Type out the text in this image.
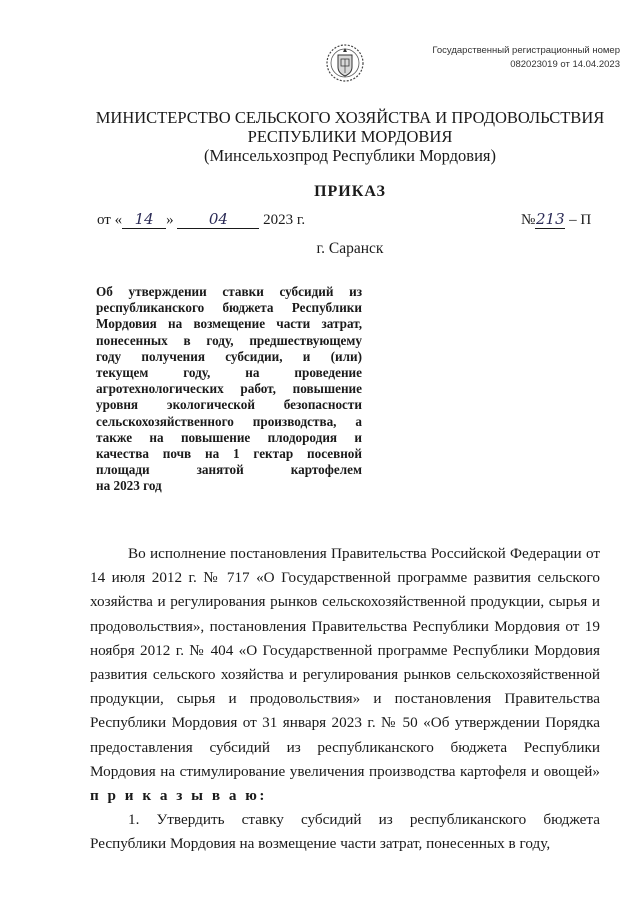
Государственный регистрационный номер
082023019 от 14.04.2023
МИНИСТЕРСТВО СЕЛЬСКОГО ХОЗЯЙСТВА И ПРОДОВОЛЬСТВИЯ
РЕСПУБЛИКИ МОРДОВИЯ
(Минсельхозпрод Республики Мордовия)
ПРИКАЗ
от « 14 » 04 2023 г.	№213 – П
г. Саранск
Об утверждении ставки субсидий из
республиканского бюджета Республики
Мордовия на возмещение части затрат,
понесенных в году, предшествующему
году получения субсидии, и (или)
текущем году, на проведение
агротехнологических работ, повышение
уровня экологической безопасности
сельскохозяйственного производства, а
также на повышение плодородия и
качества почв на 1 гектар посевной
площади занятой картофелем
на 2023 год

Во исполнение постановления Правительства Российской Федерации от 14 июля 2012 г. № 717 «О Государственной программе развития сельского хозяйства и регулирования рынков сельскохозяйственной продукции, сырья и продовольствия», постановления Правительства Республики Мордовия от 19 ноября 2012 г. № 404 «О Государственной программе Республики Мордовия развития сельского хозяйства и регулирования рынков сельскохозяйственной продукции, сырья и продовольствия» и постановления Правительства Республики Мордовия от 31 января 2023 г. № 50 «Об утверждении Порядка предоставления субсидий из республиканского бюджета Республики Мордовия на стимулирование увеличения производства картофеля и овощей» п р и к а з ы в а ю:

1. Утвердить ставку субсидий из республиканского бюджета Республики Мордовия на возмещение части затрат, понесенных в году,
